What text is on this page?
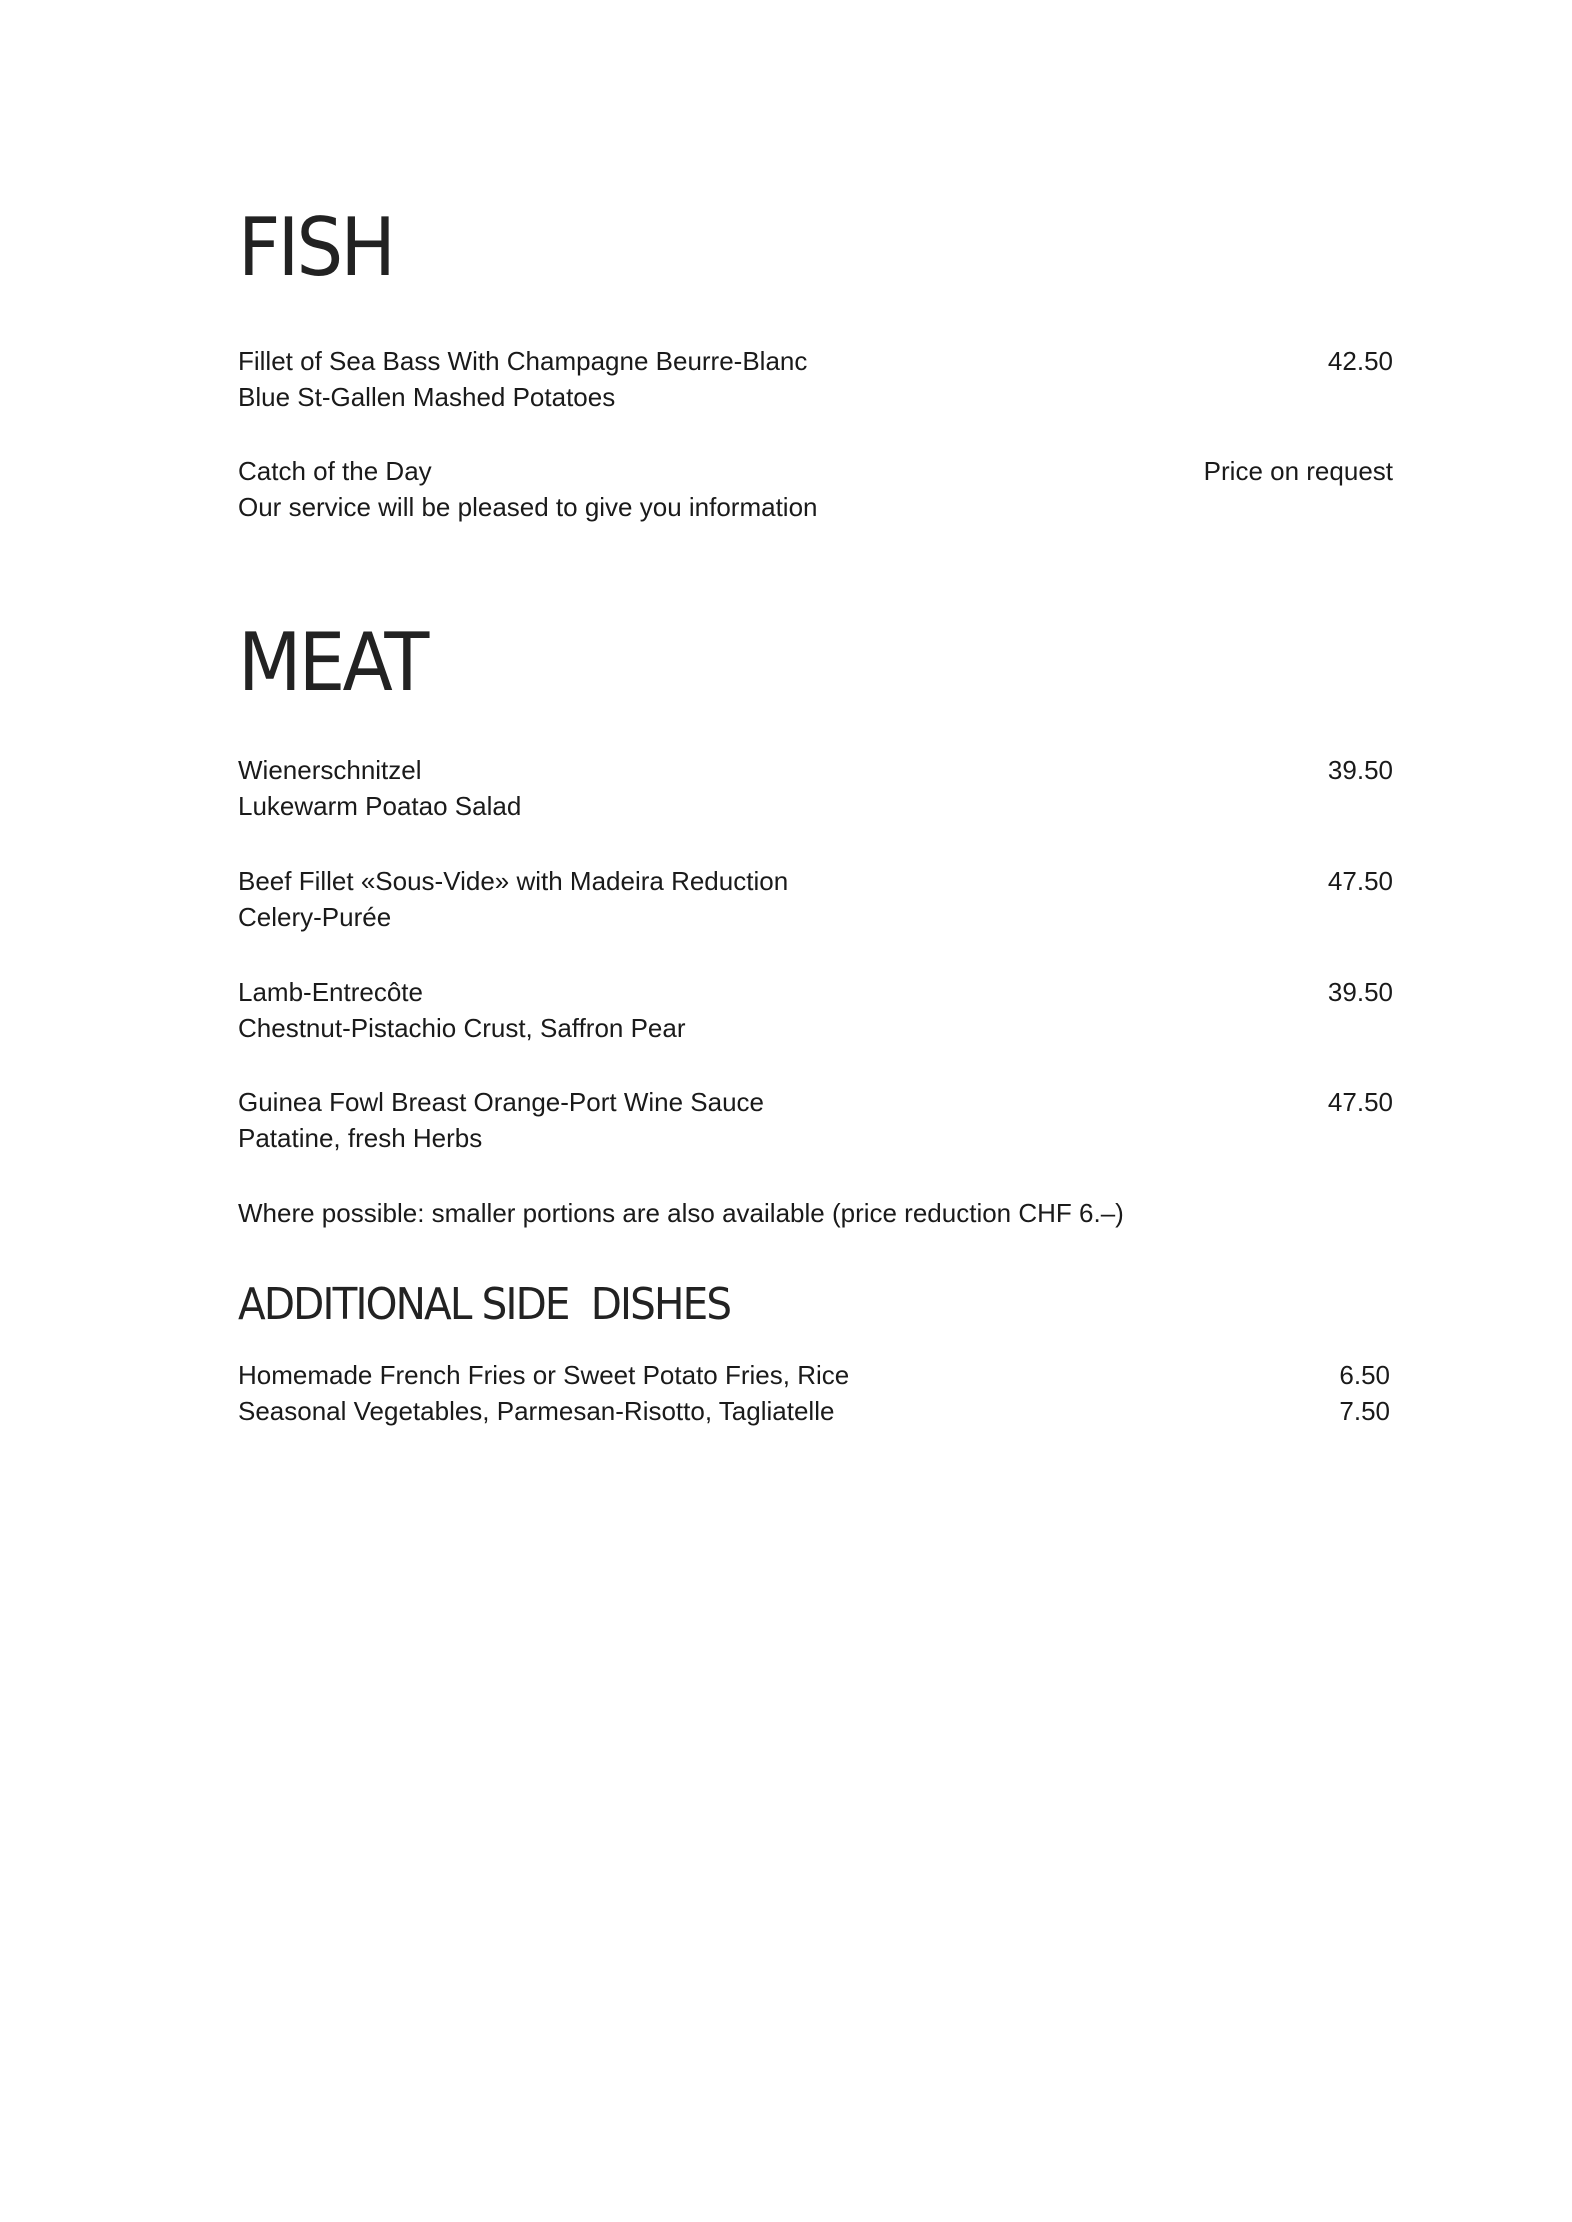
FISH
Fillet of Sea Bass With Champagne Beurre-Blanc	42.50
Blue St-Gallen Mashed Potatoes
Catch of the Day	Price on request
Our service will be pleased to give you information
MEAT
Wienerschnitzel	39.50
Lukewarm Poatao Salad
Beef Fillet «Sous-Vide» with Madeira Reduction	47.50
Celery-Purée
Lamb-Entrecôte	39.50
Chestnut-Pistachio Crust, Saffron Pear
Guinea Fowl Breast Orange-Port Wine Sauce	47.50
Patatine, fresh Herbs
Where possible: smaller portions are also available (price reduction CHF 6.–)
ADDITIONAL SIDE  DISHES
Homemade French Fries or Sweet Potato Fries, Rice	6.50
Seasonal Vegetables, Parmesan-Risotto, Tagliatelle	7.50
